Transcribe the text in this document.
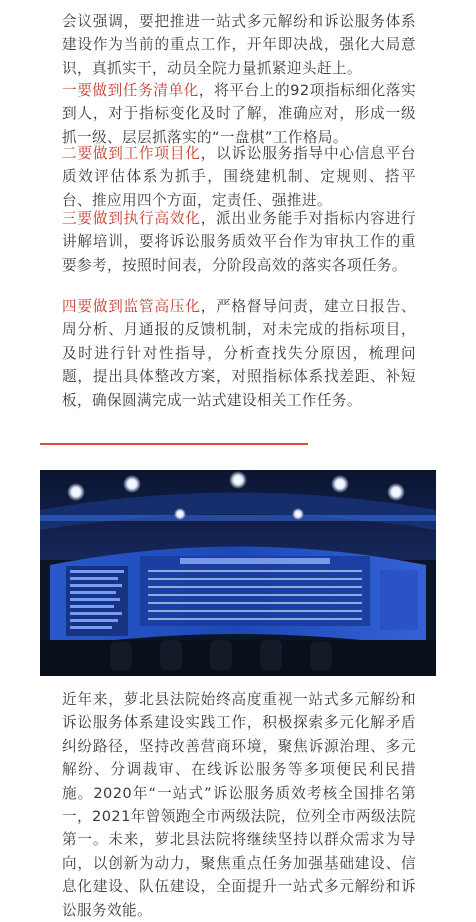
会议强调，要把推进一站式多元解纷和诉讼服务体系建设作为当前的重点工作，开年即决战，强化大局意识，真抓实干，动员全院力量抓紧迎头赶上。

一要做到任务清单化，将平台上的92项指标细化落实到人，对于指标变化及时了解，准确应对，形成一级抓一级、层层抓落实的“一盘棋”工作格局。

二要做到工作项目化，以诉讼服务指导中心信息平台质效评估体系为抓手，围绕建机制、定规则、搭平台、推应用四个方面，定责任、强推进。

三要做到执行高效化，派出业务能手对指标内容进行讲解培训，要将诉讼服务质效平台作为审执工作的重要参考，按照时间表，分阶段高效的落实各项任务。

四要做到监管高压化，严格督导问责，建立日报告、周分析、月通报的反馈机制，对未完成的指标项目，及时进行针对性指导，分析查找失分原因，梳理问题，提出具体整改方案，对照指标体系找差距、补短板，确保圆满完成一站式建设相关工作任务。

近年来，萝北县法院始终高度重视一站式多元解纷和诉讼服务体系建设实践工作，积极探索多元化解矛盾纠纷路径，坚持改善营商环境，聚焦诉源治理、多元解纷、分调裁审、在线诉讼服务等多项便民利民措施。2020年“一站式”诉讼服务质效考核全国排名第一，2021年曾领跑全市两级法院，位列全市两级法院第一。未来，萝北县法院将继续坚持以群众需求为导向，以创新为动力，聚焦重点任务加强基础建设、信息化建设、队伍建设，全面提升一站式多元解纷和诉讼服务效能。
